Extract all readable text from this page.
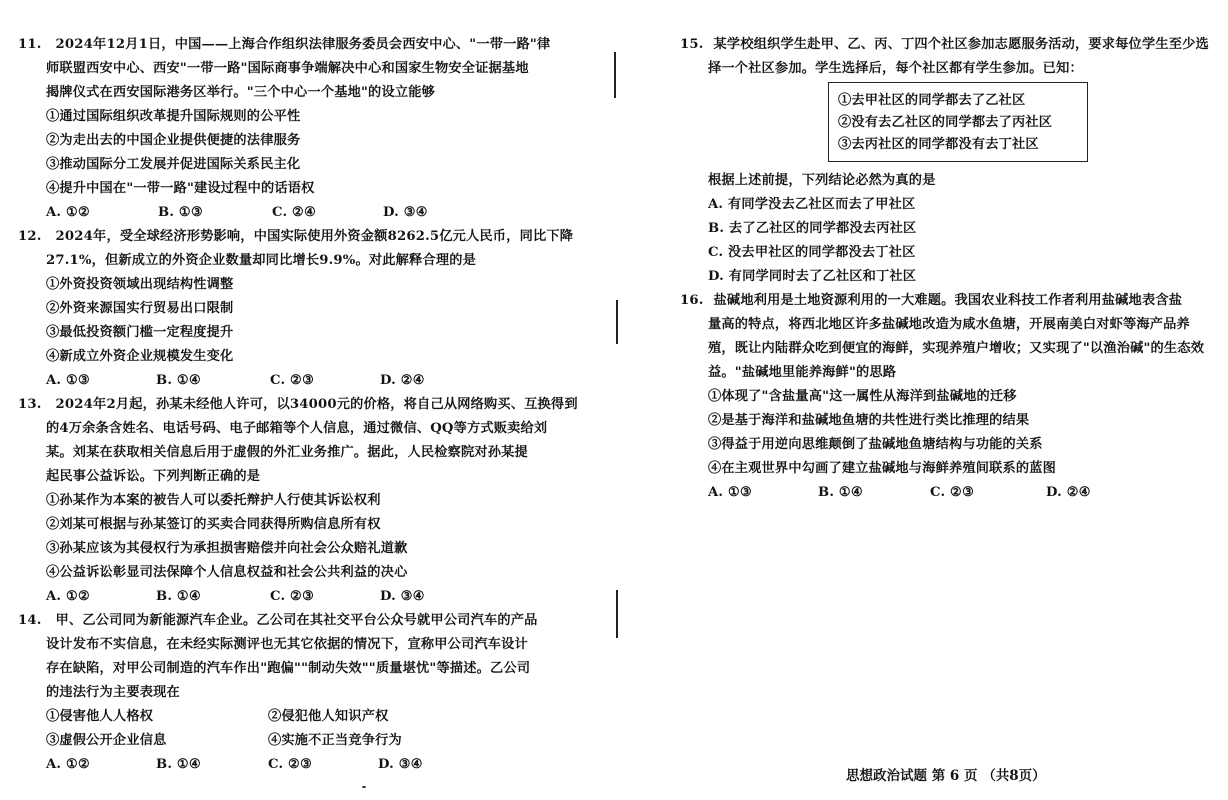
11. 2024年12月1日，中国——上海合作组织法律服务委员会西安中心、"一带一路"律
师联盟西安中心、西安"一带一路"国际商事争端解决中心和国家生物安全证据基地
揭牌仪式在西安国际港务区举行。"三个中心一个基地"的设立能够
①通过国际组织改革提升国际规则的公平性
②为走出去的中国企业提供便捷的法律服务
③推动国际分工发展并促进国际关系民主化
④提升中国在"一带一路"建设过程中的话语权
A. ①②	B. ①③	C. ②④	D. ③④
12. 2024年，受全球经济形势影响，中国实际使用外资金额8262.5亿元人民币，同比下降
27.1%，但新成立的外资企业数量却同比增长9.9%。对此解释合理的是
①外资投资领域出现结构性调整
②外资来源国实行贸易出口限制
③最低投资额门槛一定程度提升
④新成立外资企业规模发生变化
A. ①③	B. ①④	C. ②③	D. ②④
13. 2024年2月起，孙某未经他人许可，以34000元的价格，将自己从网络购买、互换得到
的4万余条含姓名、电话号码、电子邮箱等个人信息，通过微信、QQ等方式贩卖给刘
某。刘某在获取相关信息后用于虚假的外汇业务推广。据此，人民检察院对孙某提
起民事公益诉讼。下列判断正确的是
①孙某作为本案的被告人可以委托辩护人行使其诉讼权利
②刘某可根据与孙某签订的买卖合同获得所购信息所有权
③孙某应该为其侵权行为承担损害赔偿并向社会公众赔礼道歉
④公益诉讼彰显司法保障个人信息权益和社会公共利益的决心
A. ①②	B. ①④	C. ②③	D. ③④
14. 甲、乙公司同为新能源汽车企业。乙公司在其社交平台公众号就甲公司汽车的产品
设计发布不实信息，在未经实际测评也无其它依据的情况下，宣称甲公司汽车设计
存在缺陷，对甲公司制造的汽车作出"跑偏""制动失效""质量堪忧"等描述。乙公司
的违法行为主要表现在
①侵害他人人格权	②侵犯他人知识产权
③虚假公开企业信息	④实施不正当竞争行为
A. ①②	B. ①④	C. ②③	D. ③④
15. 某学校组织学生赴甲、乙、丙、丁四个社区参加志愿服务活动，要求每位学生至少选
择一个社区参加。学生选择后，每个社区都有学生参加。已知：
①去甲社区的同学都去了乙社区
②没有去乙社区的同学都去了丙社区
③去丙社区的同学都没有去丁社区
根据上述前提，下列结论必然为真的是
A. 有同学没去乙社区而去了甲社区
B. 去了乙社区的同学都没去丙社区
C. 没去甲社区的同学都没去丁社区
D. 有同学同时去了乙社区和丁社区
16. 盐碱地利用是土地资源利用的一大难题。我国农业科技工作者利用盐碱地表含盐
量高的特点，将西北地区许多盐碱地改造为咸水鱼塘，开展南美白对虾等海产品养
殖，既让内陆群众吃到便宜的海鲜，实现养殖户增收；又实现了"以渔治碱"的生态效
益。"盐碱地里能养海鲜"的思路
①体现了"含盐量高"这一属性从海洋到盐碱地的迁移
②是基于海洋和盐碱地鱼塘的共性进行类比推理的结果
③得益于用逆向思维颠倒了盐碱地鱼塘结构与功能的关系
④在主观世界中勾画了建立盐碱地与海鲜养殖间联系的蓝图
A. ①③	B. ①④	C. ②③	D. ②④
思想政治试题 第 6 页 （共8页）
